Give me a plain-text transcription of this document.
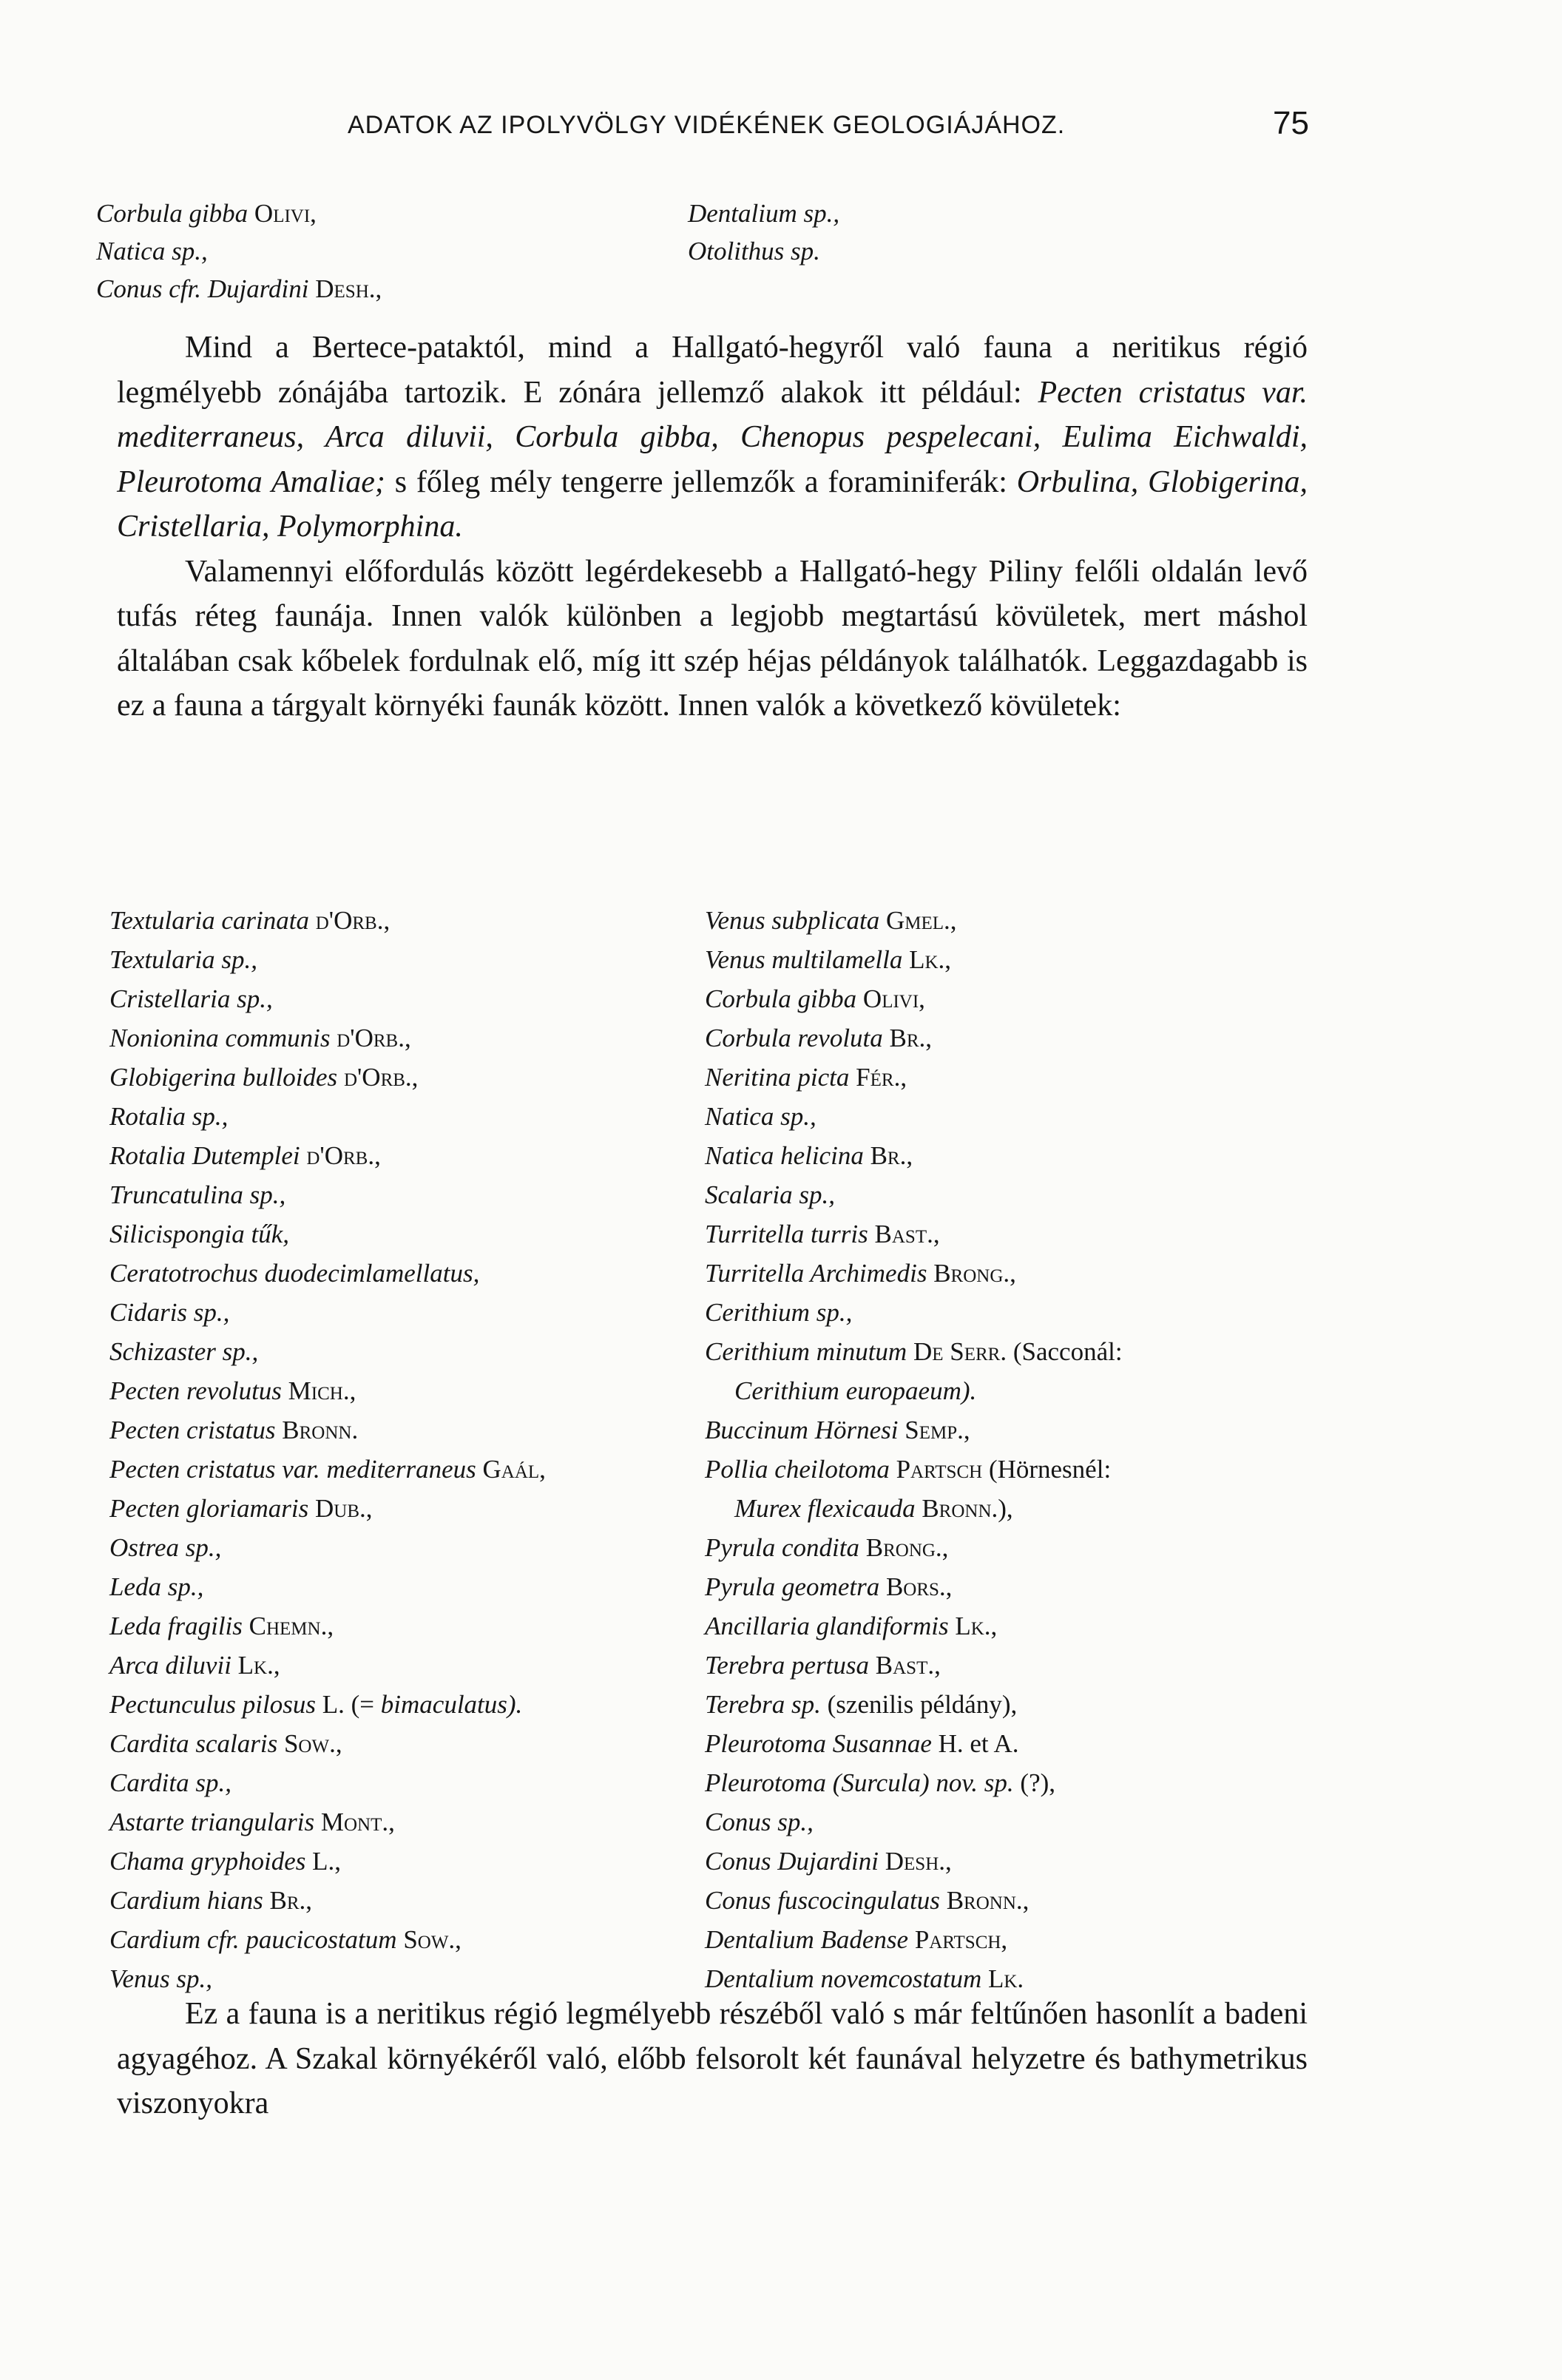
ADATOK AZ IPOLYVÖLGY VIDÉKÉNEK GEOLOGIÁJÁHOZ.	75
Corbula gibba Olivi,
Natica sp.,
Conus cfr. Dujardini Desh.,
Dentalium sp.,
Otolithus sp.

Mind a Bertece-pataktól, mind a Hallgató-hegyről való fauna a neritikus régió legmélyebb zónájába tartozik. E zónára jellemző alakok itt például: Pecten cristatus var. mediterraneus, Arca diluvii, Corbula gibba, Chenopus pespelecani, Eulima Eichwaldi, Pleurotoma Amaliae; s főleg mély tengerre jellemzők a foraminiferák: Orbulina, Globigerina, Cristellaria, Polymorphina.

Valamennyi előfordulás között legérdekesebb a Hallgató-hegy Piliny felőli oldalán levő tufás réteg faunája. Innen valók különben a legjobb megtartású kövületek, mert máshol általában csak kőbelek fordulnak elő, míg itt szép héjas példányok találhatók. Leggazdagabb is ez a fauna a tárgyalt környéki faunák között. Innen valók a következő kövületek:

Textularia carinata d'Orb.,
Textularia sp.,
Cristellaria sp.,
Nonionina communis d'Orb.,
Globigerina bulloides d'Orb.,
Rotalia sp.,
Rotalia Dutemplei d'Orb.,
Truncatulina sp.,
Silicispongia tűk,
Ceratotrochus duodecimlamellatus,
Cidaris sp.,
Schizaster sp.,
Pecten revolutus Mich.,
Pecten cristatus Bronn.
Pecten cristatus var. mediterraneus Gaál,
Pecten gloriamaris Dub.,
Ostrea sp.,
Leda sp.,
Leda fragilis Chemn.,
Arca diluvii Lk.,
Pectunculus pilosus L. (= bimaculatus).
Cardita scalaris Sow.,
Cardita sp.,
Astarte triangularis Mont.,
Chama gryphoides L.,
Cardium hians Br.,
Cardium cfr. paucicostatum Sow.,
Venus sp.,
Venus subplicata Gmel.,
Venus multilamella Lk.,
Corbula gibba Olivi,
Corbula revoluta Br.,
Neritina picta Fér.,
Natica sp.,
Natica helicina Br.,
Scalaria sp.,
Turritella turris Bast.,
Turritella Archimedis Brong.,
Cerithium sp.,
Cerithium minutum De Serr. (Sacconál:
Cerithium europaeum).
Buccinum Hörnesi Semp.,
Pollia cheilotoma Partsch (Hörnesnél:
Murex flexicauda Bronn.),
Pyrula condita Brong.,
Pyrula geometra Bors.,
Ancillaria glandiformis Lk.,
Terebra pertusa Bast.,
Terebra sp. (szenilis példány),
Pleurotoma Susannae H. et A.
Pleurotoma (Surcula) nov. sp. (?),
Conus sp.,
Conus Dujardini Desh.,
Conus fuscocingulatus Bronn.,
Dentalium Badense Partsch,
Dentalium novemcostatum Lk.

Ez a fauna is a neritikus régió legmélyebb részéből való s már feltűnően hasonlít a badeni agyagéhoz. A Szakal környékéről való, előbb felsorolt két faunával helyzetre és bathymetrikus viszonyokra
